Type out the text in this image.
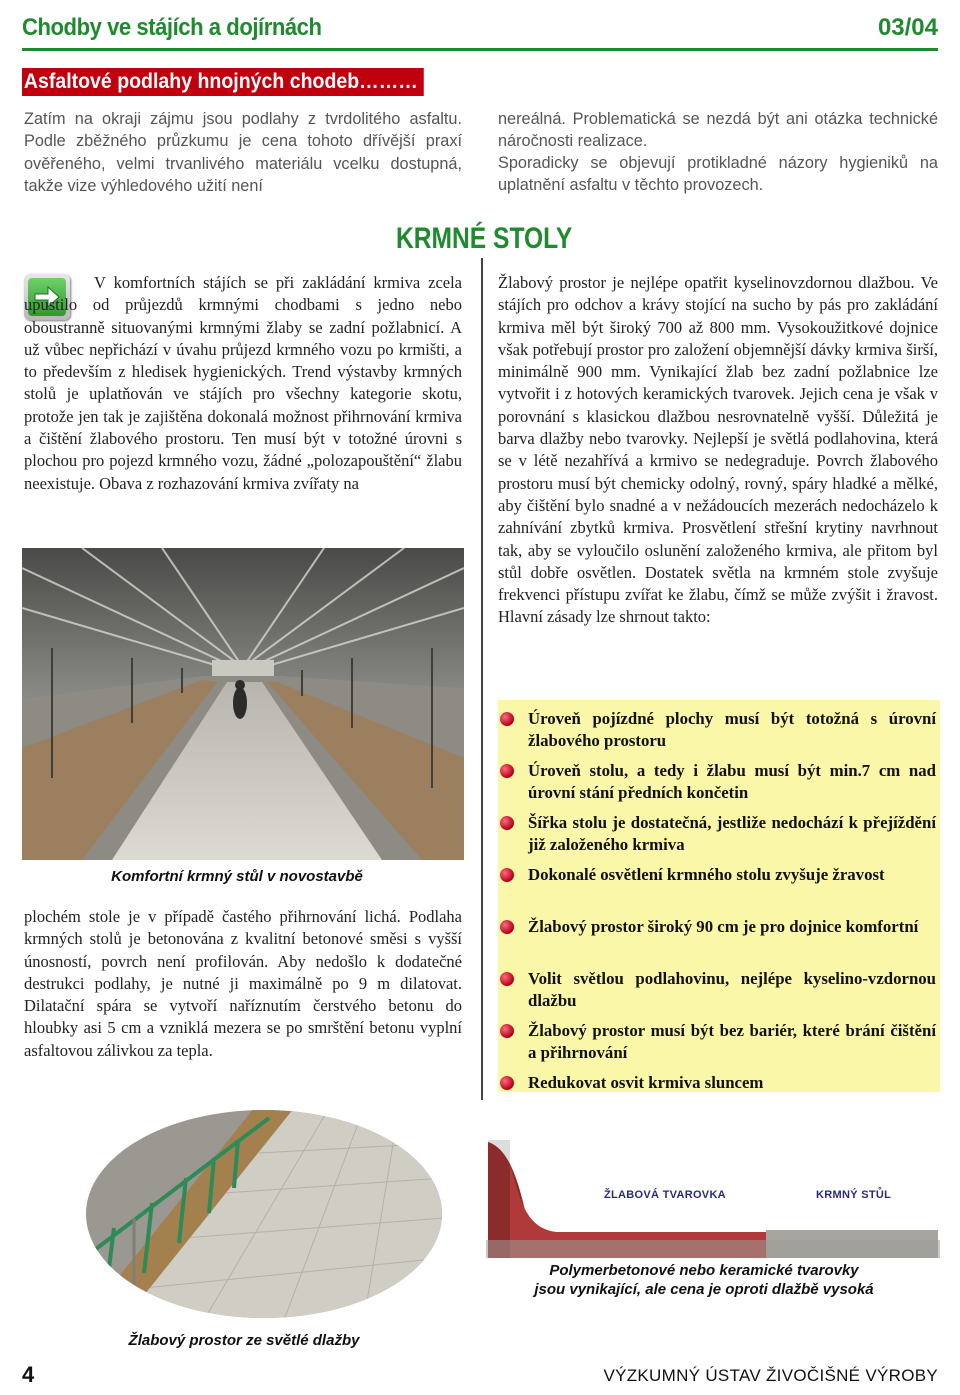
Chodby ve stájích a dojírnách	03/04
Asfaltové podlahy hnojných chodeb………
Zatím na okraji zájmu jsou podlahy z tvrdolitého asfaltu. Podle zběžného průzkumu je cena tohoto dřívější praxí ověřeného, velmi trvanlivého materiálu vcelku dostupná, takže vize výhledového užití není
nereálná. Problematická se nezdá být ani otázka technické náročnosti realizace.
Sporadicky se objevují protikladné názory hygieniků na uplatnění asfaltu v těchto provozech.
KRMNÉ STOLY
V komfortních stájích se při zakládání krmiva zcela upustilo od průjezdů krmnými chodbami s jedno nebo oboustranně situovanými krmnými žlaby se zadní požlabnicí. A už vůbec nepřichází v úvahu průjezd krmného vozu po krmišti, a to především z hledisek hygienických. Trend výstavby krmných stolů je uplatňován ve stájích pro všechny kategorie skotu, protože jen tak je zajištěna dokonalá možnost přihrnování krmiva a čištění žlabového prostoru. Ten musí být v totožné úrovni s plochou pro pojezd krmného vozu, žádné „polozapouštění“ žlabu neexistuje. Obava z rozhazování krmiva zvířaty na
Komfortní krmný stůl v novostavbě
plochém stole je v případě častého přihrnování lichá. Podlaha krmných stolů je betonována z kvalitní betonové směsi s vyšší únosností, povrch není profilován. Aby nedošlo k dodatečné destrukci podlahy, je nutné ji maximálně po 9 m dilatovat. Dilatační spára se vytvoří naříznutím čerstvého betonu do hloubky asi 5 cm a vzniklá mezera se po smrštění betonu vyplní asfaltovou zálivkou za tepla.
Žlabový prostor je nejlépe opatřit kyselinovzdornou dlažbou. Ve stájích pro odchov a krávy stojící na sucho by pás pro zakládání krmiva měl být široký 700 až 800 mm. Vysokoužitkové dojnice však potřebují prostor pro založení objemnější dávky krmiva širší, minimálně 900 mm. Vynikající žlab bez zadní požlabnice lze vytvořit i z hotových keramických tvarovek. Jejich cena je však v porovnání s klasickou dlažbou nesrovnatelně vyšší. Důležitá je barva dlažby nebo tvarovky. Nejlepší je světlá podlahovina, která se v létě nezahřívá a krmivo se nedegraduje. Povrch žlabového prostoru musí být chemicky odolný, rovný, spáry hladké a mělké, aby čištění bylo snadné a v nežádoucích mezerách nedocházelo k zahnívání zbytků krmiva. Prosvětlení střešní krytiny navrhnout tak, aby se vyloučilo oslunění založeného krmiva, ale přitom byl stůl dobře osvětlen. Dostatek světla na krmném stole zvyšuje frekvenci přístupu zvířat ke žlabu, čímž se může zvýšit i žravost. Hlavní zásady lze shrnout takto:
Úroveň pojízdné plochy musí být totožná s úrovní žlabového prostoru
Úroveň stolu, a tedy i žlabu musí být min.7 cm nad úrovní stání předních končetin
Šířka stolu je dostatečná, jestliže nedochází k přejíždění již založeného krmiva
Dokonalé osvětlení krmného stolu zvyšuje žravost
Žlabový prostor široký 90 cm je pro dojnice komfortní
Volit světlou podlahovinu, nejlépe kyselino-vzdornou dlažbu
Žlabový prostor musí být bez bariér, které brání čištění a přihrnování
Redukovat osvit krmiva sluncem
Žlabový prostor ze světlé dlažby
ŽLABOVÁ TVAROVKA	KRMNÝ STŮL
Polymerbetonové nebo keramické tvarovky
jsou vynikající, ale cena je oproti dlažbě vysoká
4	VÝZKUMNÝ ÚSTAV ŽIVOČIŠNÉ VÝROBY
